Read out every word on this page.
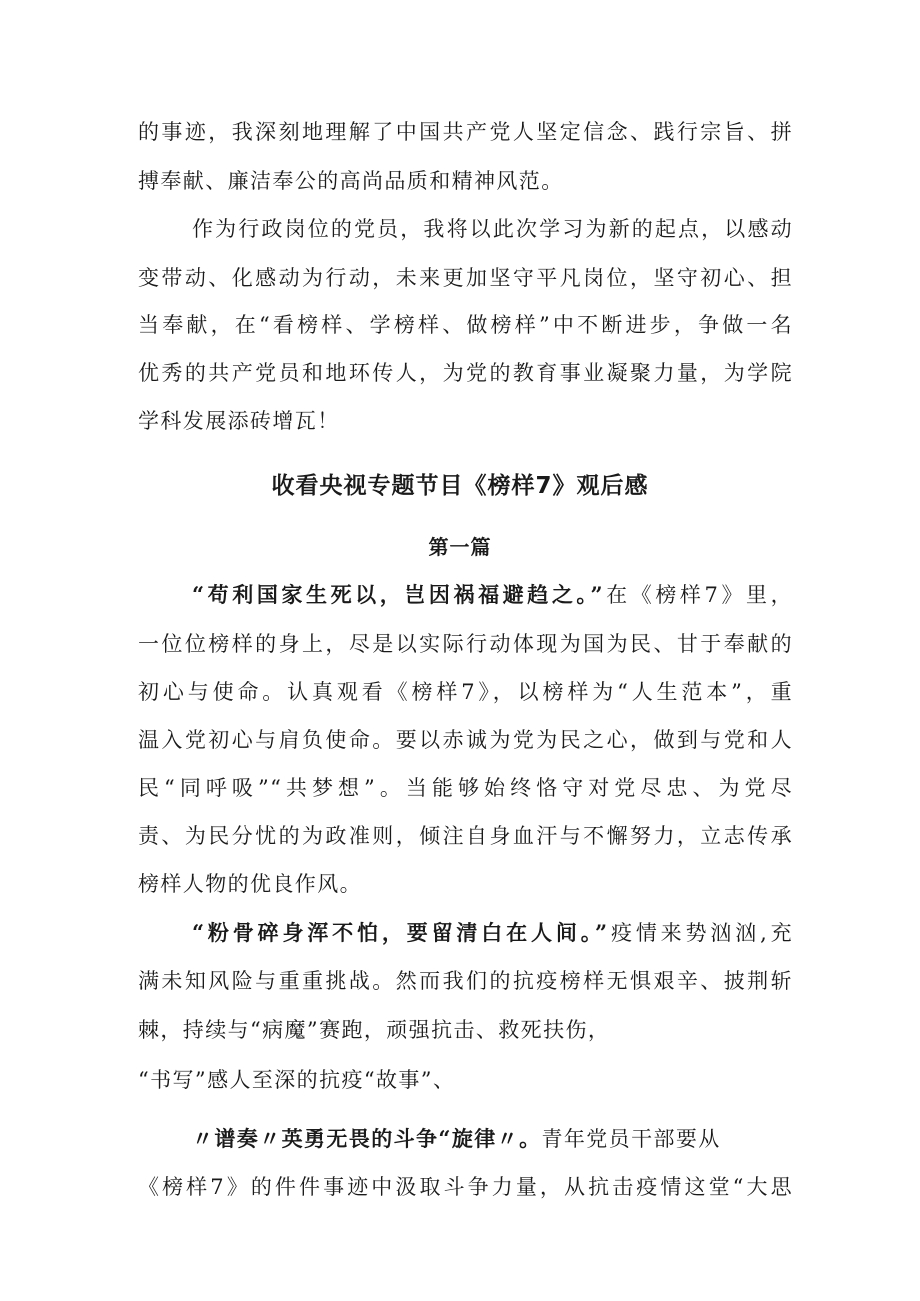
的事迹，我深刻地理解了中国共产党人坚定信念、践行宗旨、拼
搏奉献、廉洁奉公的高尚品质和精神风范。
作为行政岗位的党员，我将以此次学习为新的起点，以感动
变带动、化感动为行动，未来更加坚守平凡岗位，坚守初心、担
当奉献，在“看榜样、学榜样、做榜样”中不断进步，争做一名
优秀的共产党员和地环传人，为党的教育事业凝聚力量，为学院
学科发展添砖增瓦！
收看央视专题节目《榜样7》观后感
第一篇
“苟利国家生死以，岂因祸福避趋之。”在《榜样7》里，
一位位榜样的身上，尽是以实际行动体现为国为民、甘于奉献的
初心与使命。认真观看《榜样7》，以榜样为“人生范本”，重
温入党初心与肩负使命。要以赤诚为党为民之心，做到与党和人
民“同呼吸”“共梦想”。当能够始终恪守对党尽忠、为党尽
责、为民分忧的为政准则，倾注自身血汗与不懈努力，立志传承
榜样人物的优良作风。
“粉骨碎身浑不怕，要留清白在人间。”疫情来势汹汹,充
满未知风险与重重挑战。然而我们的抗疫榜样无惧艰辛、披荆斩
棘，持续与“病魔”赛跑，顽强抗击、救死扶伤，
“书写”感人至深的抗疫“故事”、
〃谱奏〃英勇无畏的斗争“旋律〃。青年党员干部要从
《榜样7》的件件事迹中汲取斗争力量，从抗击疫情这堂“大思
